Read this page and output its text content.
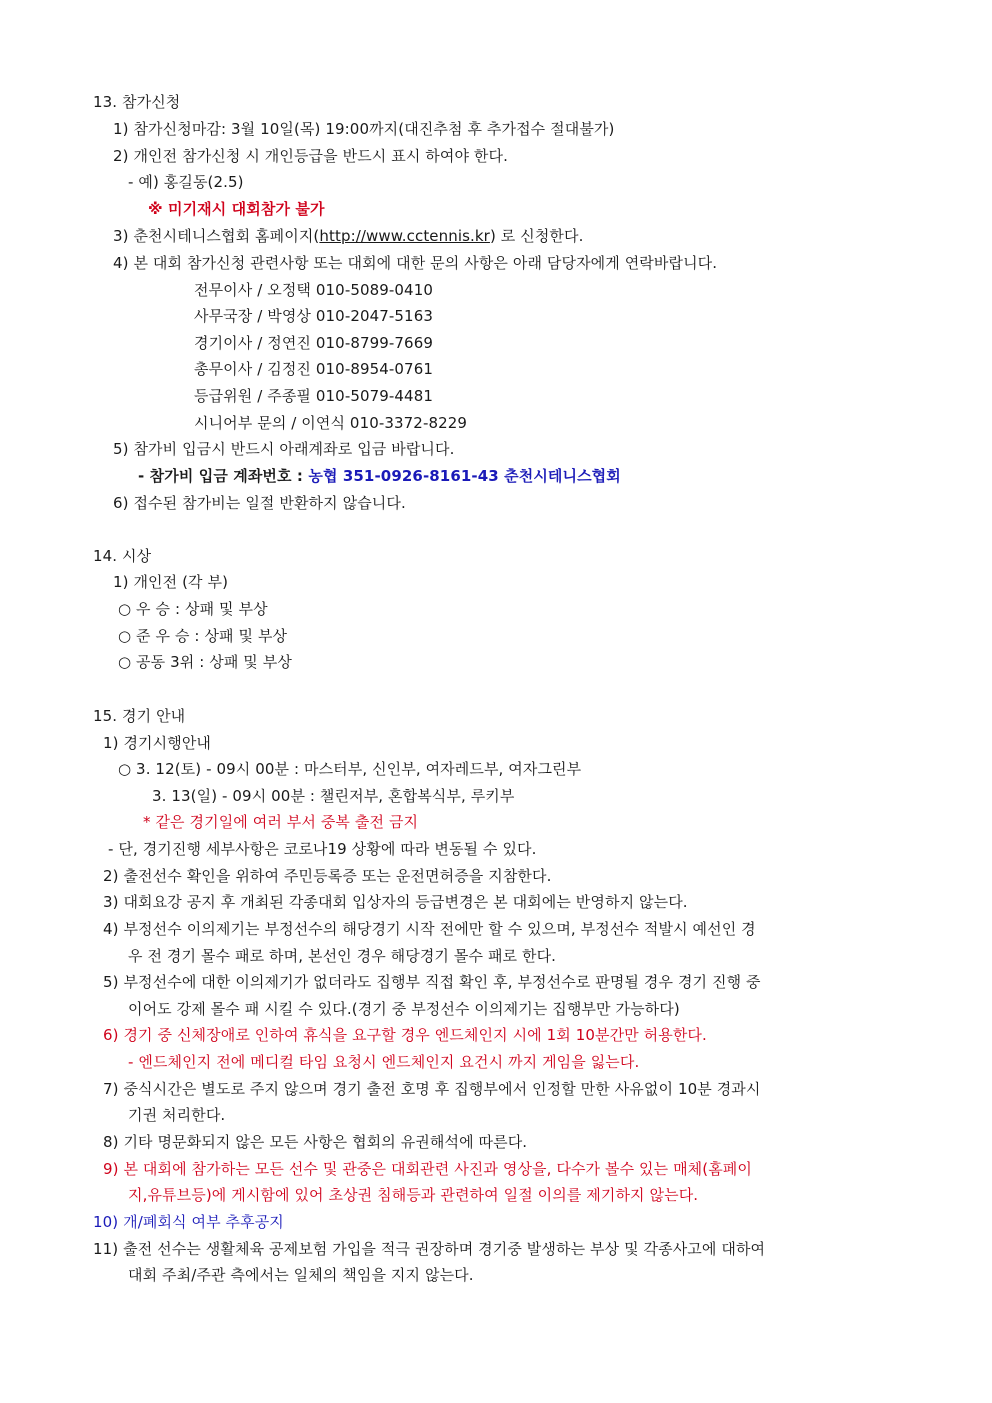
13. 참가신청
1) 참가신청마감: 3월 10일(목) 19:00까지(대진추첨 후 추가접수 절대불가)
2) 개인전 참가신청 시 개인등급을 반드시 표시 하여야 한다.
- 예) 홍길동(2.5)
※ 미기재시 대회참가 불가
3) 춘천시테니스협회 홈페이지(http://www.cctennis.kr) 로 신청한다.
4) 본 대회 참가신청 관련사항 또는 대회에 대한 문의 사항은 아래 담당자에게 연락바랍니다.
전무이사 / 오정택 010-5089-0410
사무국장 / 박영상 010-2047-5163
경기이사 / 정연진 010-8799-7669
총무이사 / 김정진 010-8954-0761
등급위원 / 주종필 010-5079-4481
시니어부 문의 / 이연식 010-3372-8229
5) 참가비 입금시 반드시 아래계좌로 입금 바랍니다.
- 참가비 입금 계좌번호 : 농협 351-0926-8161-43 춘천시테니스협회
6) 접수된 참가비는 일절 반환하지 않습니다.
14. 시상
1) 개인전 (각 부)
○ 우 승 : 상패 및 부상
○ 준 우 승 : 상패 및 부상
○ 공동 3위 : 상패 및 부상
15. 경기 안내
1) 경기시행안내
○ 3. 12(토) - 09시 00분 : 마스터부, 신인부, 여자레드부, 여자그린부
3. 13(일) - 09시 00분 : 챌린저부, 혼합복식부, 루키부
* 같은 경기일에 여러 부서 중복 출전 금지
- 단, 경기진행 세부사항은 코로나19 상황에 따라 변동될 수 있다.
2) 출전선수 확인을 위하여 주민등록증 또는 운전면허증을 지참한다.
3) 대회요강 공지 후 개최된 각종대회 입상자의 등급변경은 본 대회에는 반영하지 않는다.
4) 부정선수 이의제기는 부정선수의 해당경기 시작 전에만 할 수 있으며, 부정선수 적발시 예선인 경
우 전 경기 몰수 패로 하며, 본선인 경우 해당경기 몰수 패로 한다.
5) 부정선수에 대한 이의제기가 없더라도 집행부 직접 확인 후, 부정선수로 판명될 경우 경기 진행 중
이어도 강제 몰수 패 시킬 수 있다.(경기 중 부정선수 이의제기는 집행부만 가능하다)
6) 경기 중 신체장애로 인하여 휴식을 요구할 경우 엔드체인지 시에 1회 10분간만 허용한다.
- 엔드체인지 전에 메디컬 타임 요청시 엔드체인지 요건시 까지 게임을 잃는다.
7) 중식시간은 별도로 주지 않으며 경기 출전 호명 후 집행부에서 인정할 만한 사유없이 10분 경과시
기권 처리한다.
8) 기타 명문화되지 않은 모든 사항은 협회의 유권해석에 따른다.
9) 본 대회에 참가하는 모든 선수 및 관중은 대회관련 사진과 영상을, 다수가 볼수 있는 매체(홈페이
지,유튜브등)에 게시함에 있어 초상권 침해등과 관련하여 일절 이의를 제기하지 않는다.
10) 개/폐회식 여부 추후공지
11) 출전 선수는 생활체육 공제보험 가입을 적극 권장하며 경기중 발생하는 부상 및 각종사고에 대하여
대회 주최/주관 측에서는 일체의 책임을 지지 않는다.
